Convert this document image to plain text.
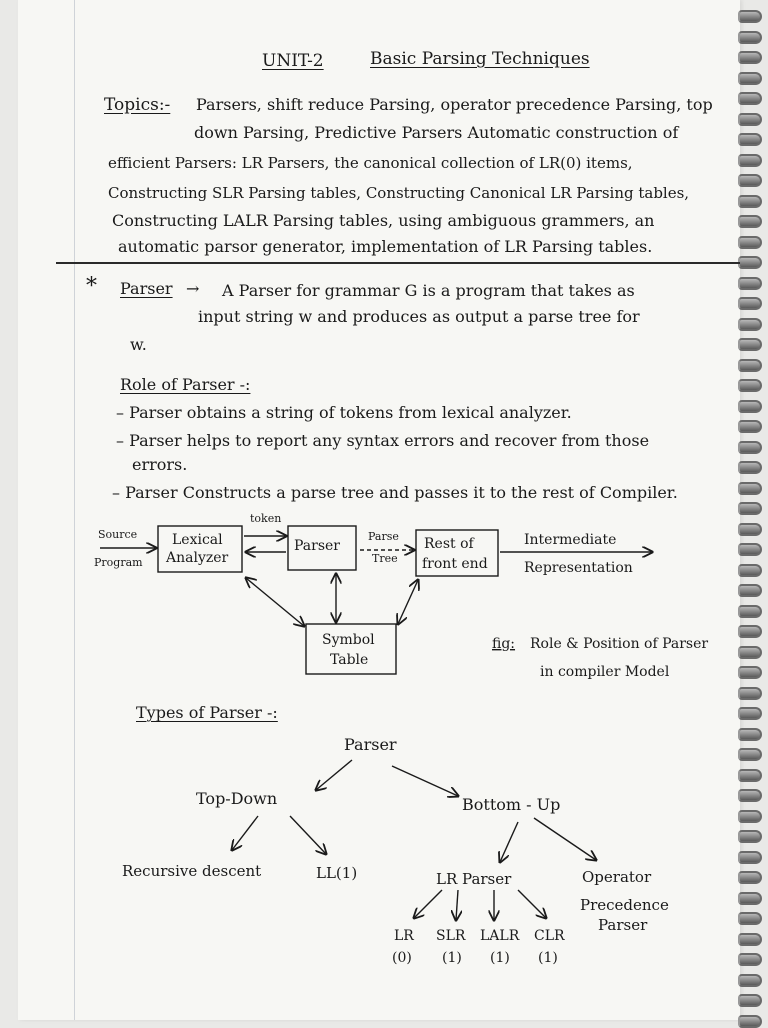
UNIT-2	Basic Parsing Techniques
Topics:- Parsers, shift reduce Parsing, operator precedence Parsing, top
down Parsing, Predictive Parsers Automatic construction of
efficient Parsers: LR Parsers, the canonical collection of LR(0) items,
Constructing SLR Parsing tables, Constructing Canonical LR Parsing tables,
Constructing LALR Parsing tables, using ambiguous grammers, an
automatic parsor generator, implementation of LR Parsing tables.
* Parser → A Parser for grammar G is a program that takes as
input string w and produces as output a parse tree for
w.
Role of Parser -:
– Parser obtains a string of tokens from lexical analyzer.
– Parser helps to report any syntax errors and recover from those
errors.
– Parser Constructs a parse tree and passes it to the rest of Compiler.
Source
Program
Lexical
Analyzer
token
Parser
Parse
Tree
Rest of
front end
Intermediate
Representation
Symbol
Table
fig: Role & Position of Parser
in compiler Model
Types of Parser -:
Parser
Top-Down	Bottom - Up
Recursive descent	LL(1)	LR Parser	Operator
Precedence
Parser
LR
(0)
SLR
(1)
LALR
(1)
CLR
(1)
